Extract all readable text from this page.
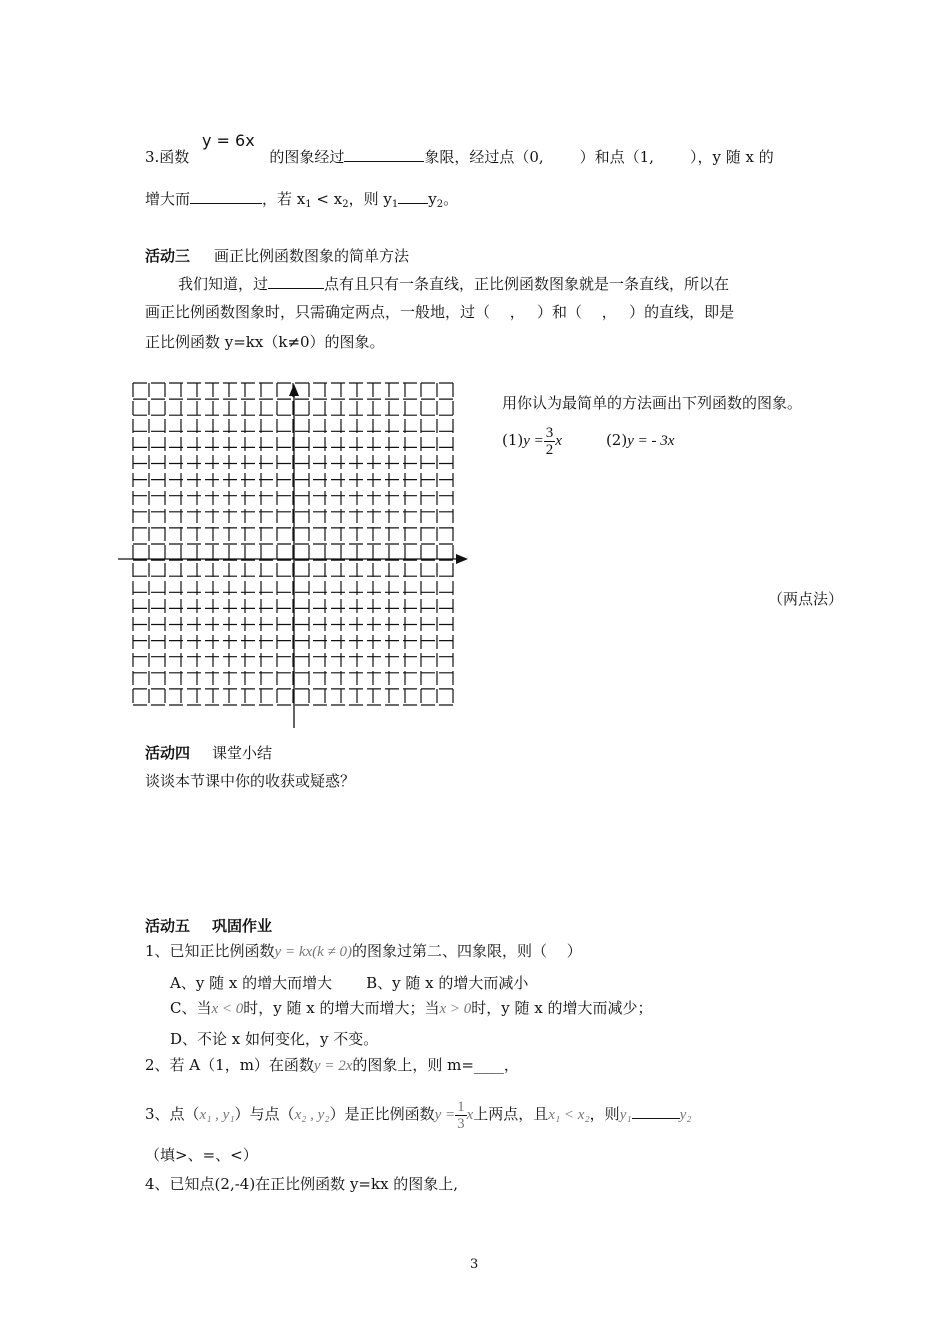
y = 6x
3.函数	的图象经过	象限，经过点（0, ）和点（1, ），y 随 x 的
增大而	，若 $x_1 < x_2$，则 $y_1$ $y_2$。
活动三 画正比例函数图象的简单方法
我们知道，过	点有且只有一条直线，正比例函数图象就是一条直线，所以在
画正比例函数图象时，只需确定两点，一般地，过（　 ，　 ）和（　 ，　 ）的直线，即是
正比例函数 y=kx（k≠0）的图象。
用你认为最简单的方法画出下列函数的图象。
$(1)y = \frac{3}{2}$ x	(2)y = - 3x
（两点法）
活动四 课堂小结
谈谈本节课中你的收获或疑惑？
活动五 巩固作业
1、已知正比例函数y = kx(k ≠ 0)的图象过第二、四象限，则（　 ）
A、y 随 x 的增大而增大 B、y 随 x 的增大而减小
C、当x < 0时，y 随 x 的增大而增大；当x > 0时，y 随 x 的增大而减少；
D、不论 x 如何变化，y 不变。
2、若 A（1，m）在函数y = 2x的图象上，则 m=____，
3、点（x₁ , y₁）与点（x₂ , y₂）是正比例函数$y = \frac{1}{3}$ x上两点，且x₁ < x₂，则y₁	y₂
（填>、=、<）
4、已知点(2,-4)在正比例函数 y=kx 的图象上,
3
